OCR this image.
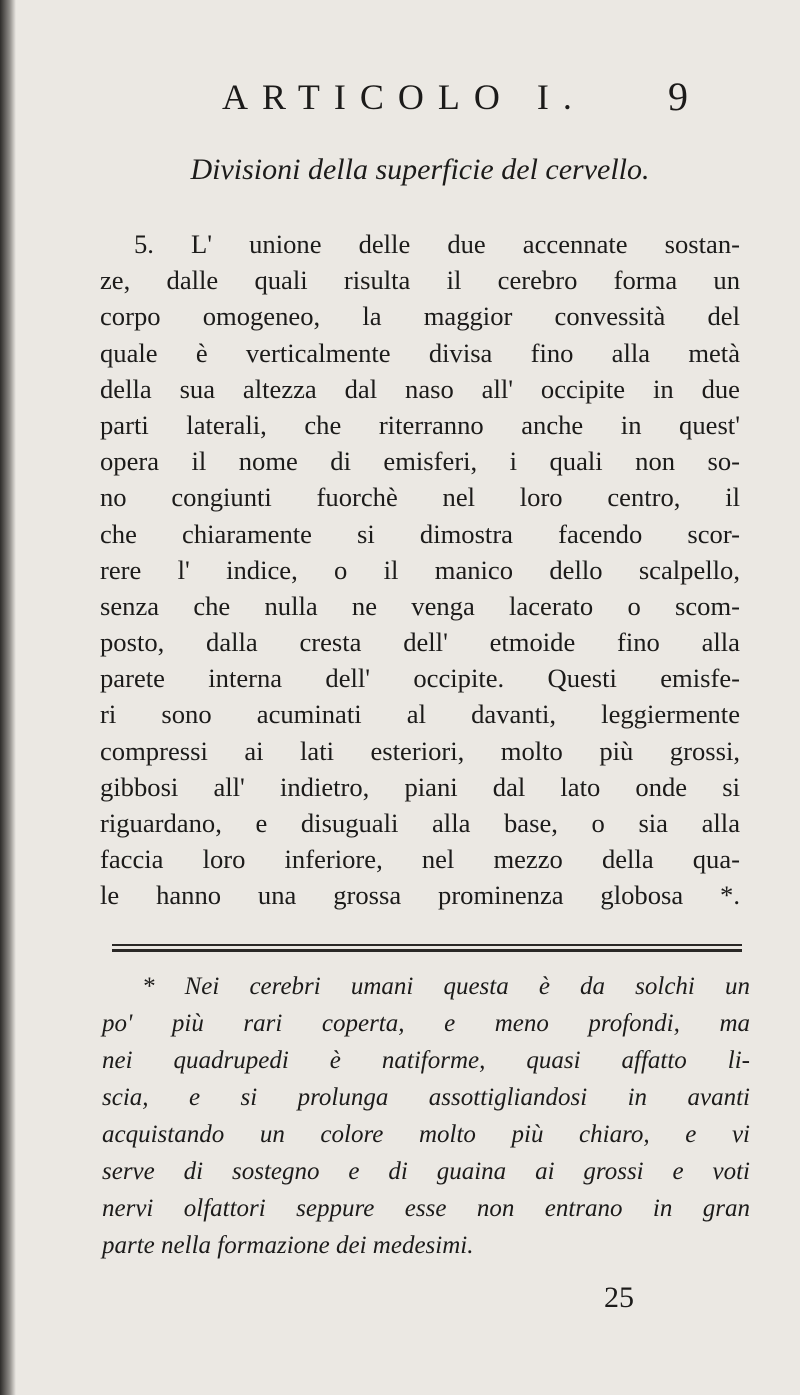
ARTICOLO I. 9
Divisioni della superficie del cervello.
5. L' unione delle due accennate sostan-
ze, dalle quali risulta il cerebro forma un
corpo omogeneo, la maggior convessità del
quale è verticalmente divisa fino alla metà
della sua altezza dal naso all' occipite in due
parti laterali, che riterranno anche in quest'
opera il nome di emisferi, i quali non so-
no congiunti fuorchè nel loro centro, il
che chiaramente si dimostra facendo scor-
rere l' indice, o il manico dello scalpello,
senza che nulla ne venga lacerato o scom-
posto, dalla cresta dell' etmoide fino alla
parete interna dell' occipite. Questi emisfe-
ri sono acuminati al davanti, leggiermente
compressi ai lati esteriori, molto più grossi,
gibbosi all' indietro, piani dal lato onde si
riguardano, e disuguali alla base, o sia alla
faccia loro inferiore, nel mezzo della qua-
le hanno una grossa prominenza globosa *.
* Nei cerebri umani questa è da solchi un
po' più rari coperta, e meno profondi, ma
nei quadrupedi è natiforme, quasi affatto li-
scia, e si prolunga assottigliandosi in avanti
acquistando un colore molto più chiaro, e vi
serve di sostegno e di guaina ai grossi e voti
nervi olfattori seppure esse non entrano in gran
parte nella formazione dei medesimi.
25
